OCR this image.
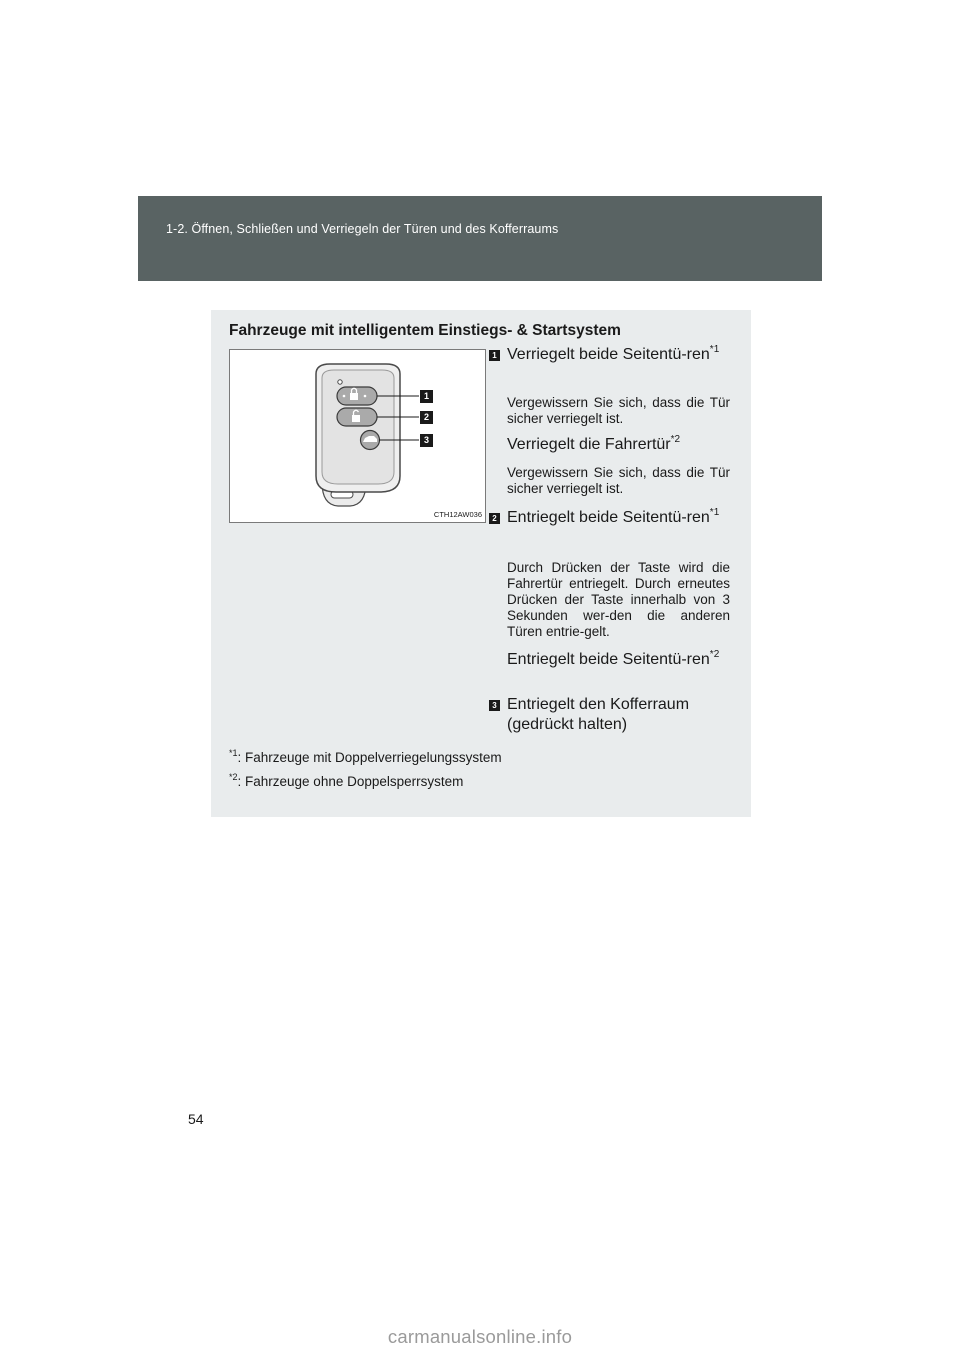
1-2. Öffnen, Schließen und Verriegeln der Türen und des Kofferraums
Fahrzeuge mit intelligentem Einstiegs- & Startsystem
1
2
3
CTH12AW036
1 Verriegelt beide Seitentü-ren$^{*1}$
Vergewissern Sie sich, dass die Tür sicher verriegelt ist.
Verriegelt die Fahrertür$^{*2}$
Vergewissern Sie sich, dass die Tür sicher verriegelt ist.
2 Entriegelt beide Seitentü-ren$^{*1}$
Durch Drücken der Taste wird die Fahrertür entriegelt. Durch erneutes Drücken der Taste innerhalb von 3 Sekunden wer-den die anderen Türen entrie-gelt.
Entriegelt beide Seitentü-ren$^{*2}$
3 Entriegelt den Kofferraum (gedrückt halten)
$^{*1}$: Fahrzeuge mit Doppelverriegelungssystem
$^{*2}$: Fahrzeuge ohne Doppelsperrsystem
54
carmanualsonline.info
